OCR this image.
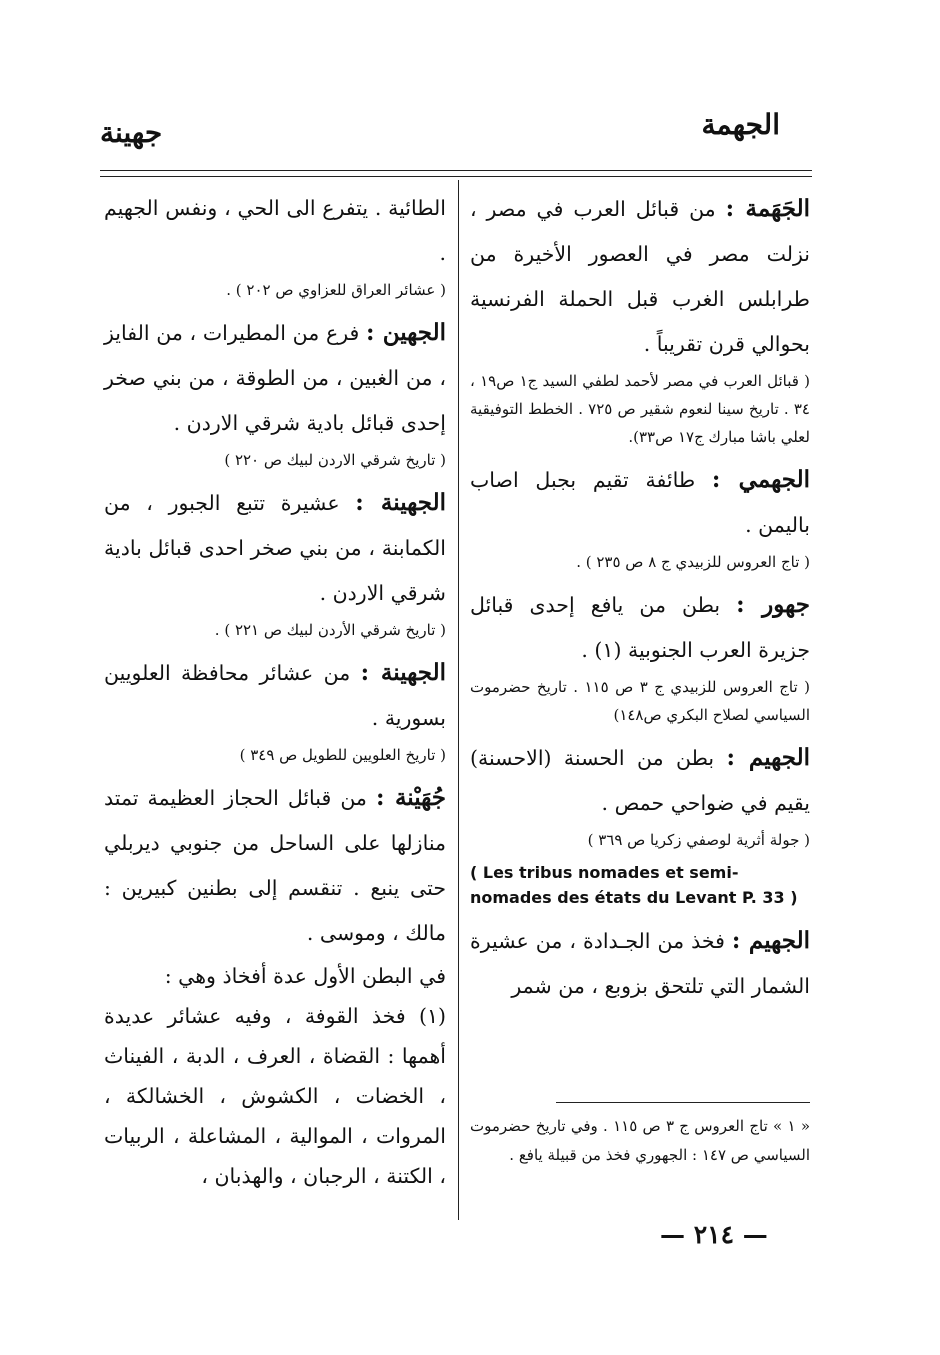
الجهمة
جهينة

الجَهَمة : من قبائل العرب في مصر ، نزلت مصر في العصور الأخيرة من طرابلس الغرب قبل الحملة الفرنسية بحوالي قرن تقريباً .

( قبائل العرب في مصر لأحمد لطفي السيد ج١ ص١٩ ، ٣٤ . تاريخ سينا لنعوم شقير ص ٧٢٥ . الخطط التوفيقية لعلي باشا مبارك ج١٧ ص٣٣).

الجهمي : طائفة تقيم بجبل اصاب باليمن .

( تاج العروس للزبيدي ج ٨ ص ٢٣٥ ) .

جهور : بطن من يافع إحدى قبائل جزيرة العرب الجنوبية (١) .

( تاج العروس للزبيدي ج ٣ ص ١١٥ . تاريخ حضرموت السياسي لصلاح البكري ص١٤٨)

الجهيم : بطن من الحسنة (الاحسنة) يقيم في ضواحي حمص .

( جولة أثرية لوصفي زكريا ص ٣٦٩ )

( Les tribus nomades et semi-nomades des états du Levant P. 33 )

الجهيم : فخذ من الجـدادة ، من عشيرة الشمار التي تلتحق بزوبع ، من شمر

« ١ » تاج العروس ج ٣ ص ١١٥ . وفي تاريخ حضرموت السياسي ص ١٤٧ : الجهوري فخذ من قبيلة يافع .

الطائية . يتفرع الى الحي ، ونفس الجهيم .

( عشائر العراق للعزاوي ص ٢٠٢ ) .

الجهين : فرع من المطيرات ، من الفايز ، من الغبين ، من الطوقة ، من بني صخر إحدى قبائل بادية شرقي الاردن .

( تاريخ شرقي الاردن لبيك ص ٢٢٠ )

الجهينة : عشيرة تتبع الجبور ، من الكمابنة ، من بني صخر احدى قبائل بادية شرقي الاردن .

( تاريخ شرقي الأردن لبيك ص ٢٢١ ) .

الجهينة : من عشائر محافظة العلويين بسورية .

( تاريخ العلويين للطويل ص ٣٤٩ )

جُهَيْنة : من قبائل الحجاز العظيمة تمتد منازلها على الساحل من جنوبي ديربلي حتى ينبع . تنقسم إلى بطنين كبيرين : مالك ، وموسى .

في البطن الأول عدة أفخاذ وهي :

(١) فخذ القوفة ، وفيه عشائر عديدة أهمها : القضاة ، العرف ، الدبة ، الفيناث ، الخضات ، الكشوش ، الخشالكة ، المروات ، الموالية ، المشاعلة ، الربيات ، الكتنة ، الرجبان ، والهذبان ،

— ٢١٤ —
